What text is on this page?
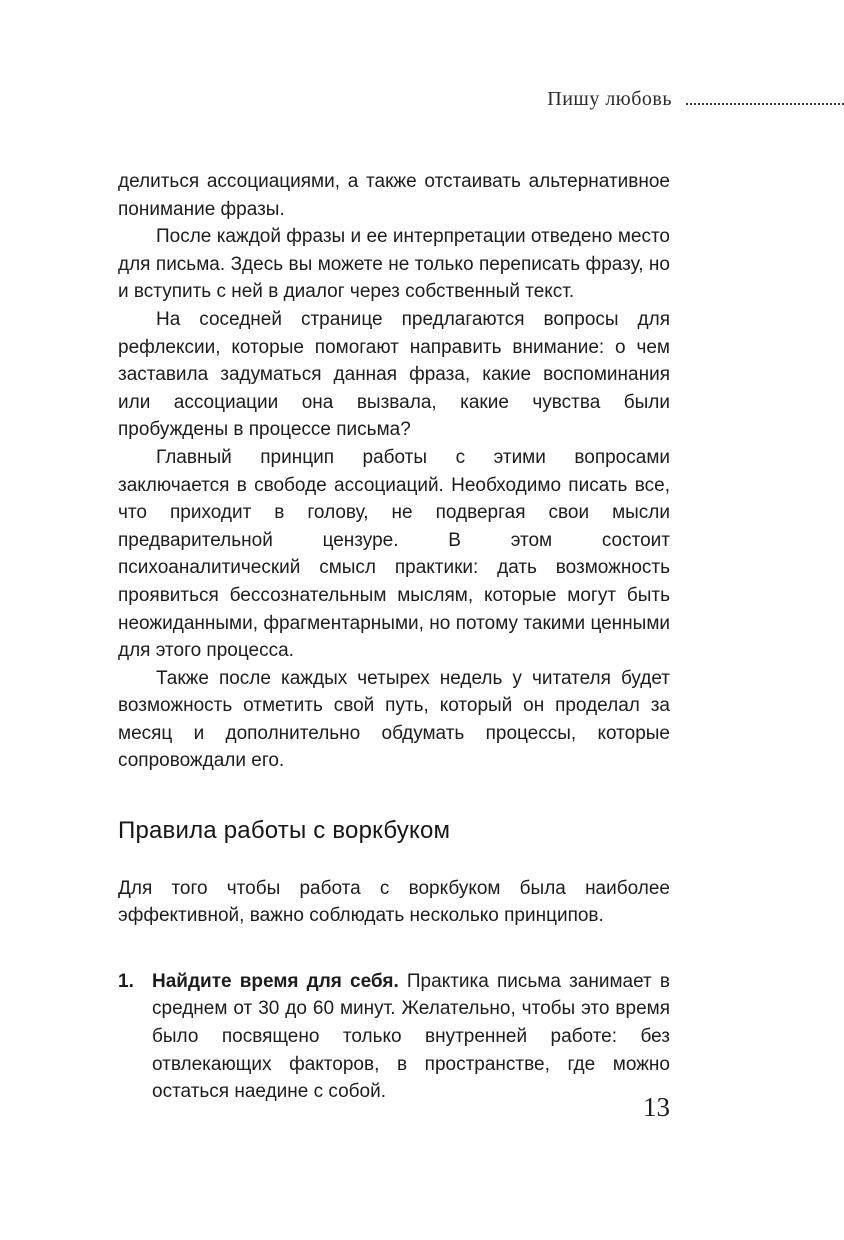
Пишу любовь

делиться ассоциациями, а также отстаивать альтернативное понимание фразы.

После каждой фразы и ее интерпретации отведено место для письма. Здесь вы можете не только переписать фразу, но и вступить с ней в диалог через собственный текст.

На соседней странице предлагаются вопросы для рефлексии, которые помогают направить внимание: о чем заставила задуматься данная фраза, какие воспоминания или ассоциации она вызвала, какие чувства были пробуждены в процессе письма?

Главный принцип работы с этими вопросами заключается в свободе ассоциаций. Необходимо писать все, что приходит в голову, не подвергая свои мысли предварительной цензуре. В этом состоит психоаналитический смысл практики: дать возможность проявиться бессознательным мыслям, которые могут быть неожиданными, фрагментарными, но потому такими ценными для этого процесса.

Также после каждых четырех недель у читателя будет возможность отметить свой путь, который он проделал за месяц и дополнительно обдумать процессы, которые сопровождали его.

Правила работы с воркбуком

Для того чтобы работа с воркбуком была наиболее эффективной, важно соблюдать несколько принципов.

1. Найдите время для себя. Практика письма занимает в среднем от 30 до 60 минут. Желательно, чтобы это время было посвящено только внутренней работе: без отвлекающих факторов, в пространстве, где можно остаться наедине с собой.
13
